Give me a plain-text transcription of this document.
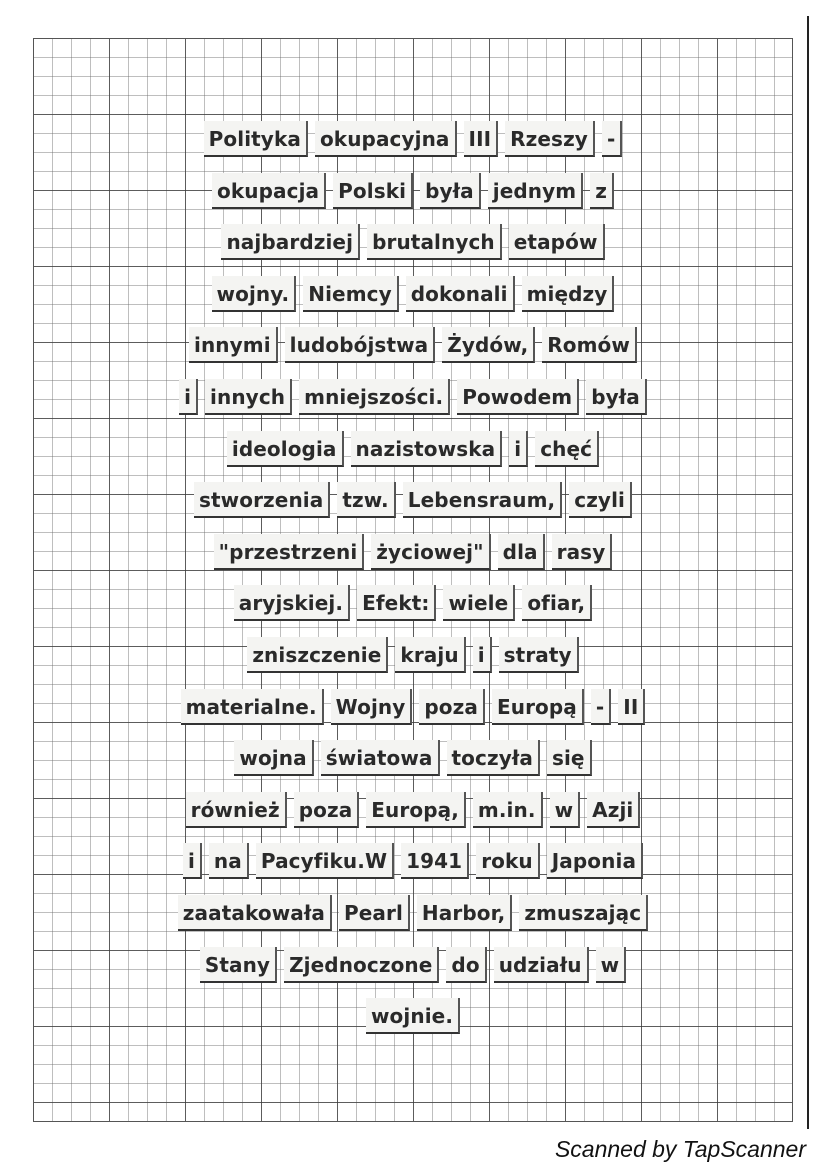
Polityka okupacyjna III Rzeszy -
okupacja Polski była jednym z
najbardziej brutalnych etapów
wojny. Niemcy dokonali między
innymi ludobójstwa Żydów, Romów
i innych mniejszości. Powodem była
ideologia nazistowska i chęć
stworzenia tzw. Lebensraum, czyli
"przestrzeni życiowej" dla rasy
aryjskiej. Efekt: wiele ofiar,
zniszczenie kraju i straty
materialne. Wojny poza Europą - II
wojna światowa toczyła się
również poza Europą, m.in. w Azji
i na Pacyfiku.W 1941 roku Japonia
zaatakowała Pearl Harbor, zmuszając
Stany Zjednoczone do udziału w
wojnie.
Scanned by TapScanner
